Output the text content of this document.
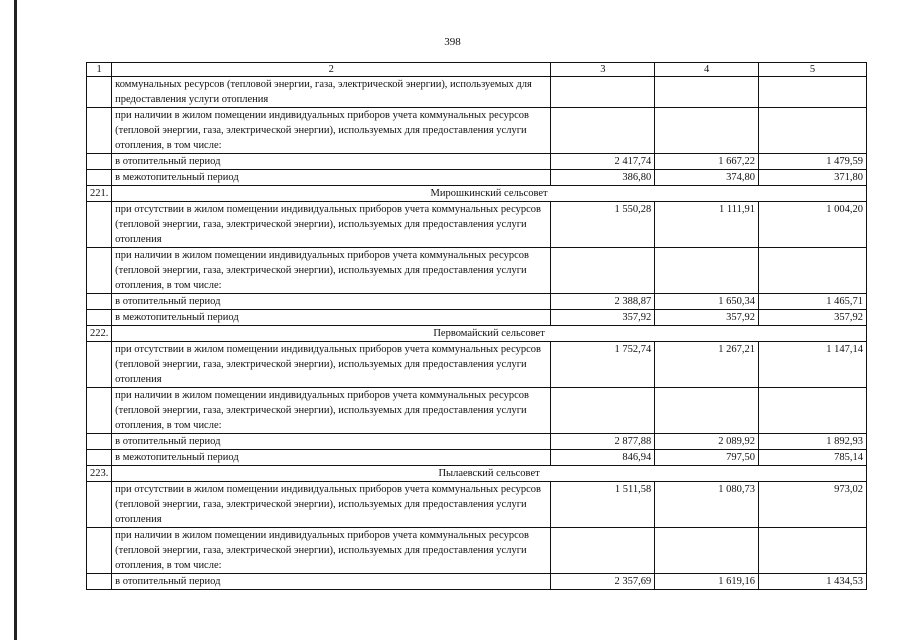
398
1	2	3	4	5
	коммунальных ресурсов (тепловой энергии, газа, электрической энергии), используемых для предоставления услуги отопления			
	при наличии в жилом помещении индивидуальных приборов учета коммунальных ресурсов (тепловой энергии, газа, электрической энергии), используемых для предоставления услуги отопления, в том числе:			
	в отопительный период	2 417,74	1 667,22	1 479,59
	в межотопительный период	386,80	374,80	371,80
221.	Мирошкинский сельсовет			
	при отсутствии в жилом помещении индивидуальных приборов учета коммунальных ресурсов (тепловой энергии, газа, электрической энергии), используемых для предоставления услуги отопления	1 550,28	1 111,91	1 004,20
	при наличии в жилом помещении индивидуальных приборов учета коммунальных ресурсов (тепловой энергии, газа, электрической энергии), используемых для предоставления услуги отопления, в том числе:			
	в отопительный период	2 388,87	1 650,34	1 465,71
	в межотопительный период	357,92	357,92	357,92
222.	Первомайский сельсовет			
	при отсутствии в жилом помещении индивидуальных приборов учета коммунальных ресурсов (тепловой энергии, газа, электрической энергии), используемых для предоставления услуги отопления	1 752,74	1 267,21	1 147,14
	при наличии в жилом помещении индивидуальных приборов учета коммунальных ресурсов (тепловой энергии, газа, электрической энергии), используемых для предоставления услуги отопления, в том числе:			
	в отопительный период	2 877,88	2 089,92	1 892,93
	в межотопительный период	846,94	797,50	785,14
223.	Пылаевский сельсовет			
	при отсутствии в жилом помещении индивидуальных приборов учета коммунальных ресурсов (тепловой энергии, газа, электрической энергии), используемых для предоставления услуги отопления	1 511,58	1 080,73	973,02
	при наличии в жилом помещении индивидуальных приборов учета коммунальных ресурсов (тепловой энергии, газа, электрической энергии), используемых для предоставления услуги отопления, в том числе:			
	в отопительный период	2 357,69	1 619,16	1 434,53
